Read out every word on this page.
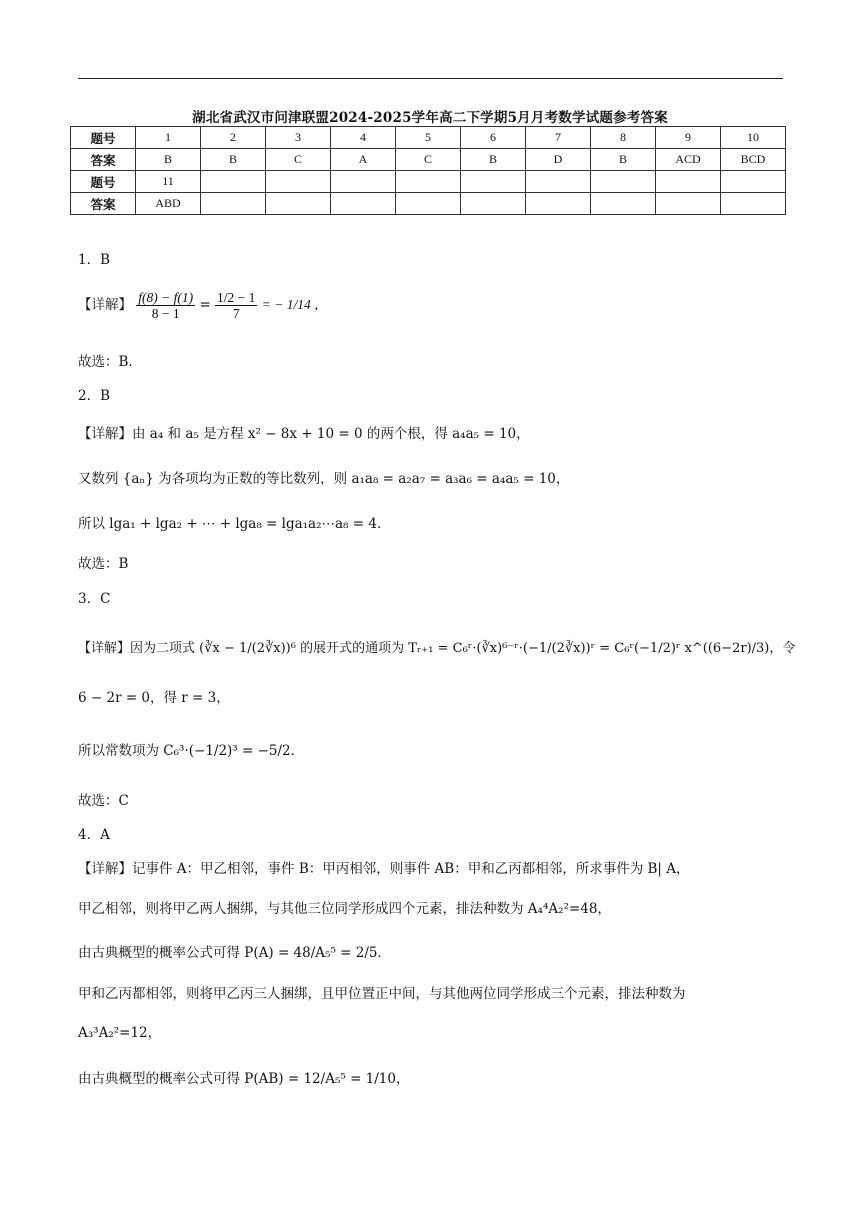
湖北省武汉市问津联盟2024-2025学年高二下学期5月月考数学试题参考答案
题号	1	2	3	4	5	6	7	8	9	10
答案	B	B	C	A	C	B	D	B	ACD	BCD
题号	11									
答案	ABD									
1．B
【详解】 $\frac{f(8) - f(1)}{8 - 1} = \frac{1/2 - 1}{7}$ = − 1/14 ，
故选：B．
2．B
【详解】由 a₄ 和 a₅ 是方程 x² − 8x + 10 = 0 的两个根，得 a₄a₅ = 10，
又数列 {aₙ} 为各项均为正数的等比数列，则 a₁a₈ = a₂a₇ = a₃a₆ = a₄a₅ = 10，
所以 lga₁ + lga₂ + ⋯ + lga₈ = lga₁a₂⋯a₈ = 4．
故选：B
3．C
【详解】因为二项式 (∛x − 1/(2∛x))⁶ 的展开式的通项为 Tᵣ₊₁ = C₆ʳ·(∛x)⁶⁻ʳ·(−1/(2∛x))ʳ = C₆ʳ(−1/2)ʳ x^((6−2r)/3)，令
6 − 2r = 0，得 r = 3，
所以常数项为 C₆³·(−1/2)³ = −5/2．
故选：C
4．A
【详解】记事件 A：甲乙相邻，事件 B：甲丙相邻，则事件 AB：甲和乙丙都相邻，所求事件为 B| A，
甲乙相邻，则将甲乙两人捆绑，与其他三位同学形成四个元素，排法种数为 A₄⁴A₂²=48，
由古典概型的概率公式可得 P(A) = 48/A₅⁵ = 2/5．
甲和乙丙都相邻，则将甲乙丙三人捆绑，且甲位置正中间，与其他两位同学形成三个元素，排法种数为
A₃³A₂²=12，
由古典概型的概率公式可得 P(AB) = 12/A₅⁵ = 1/10，
